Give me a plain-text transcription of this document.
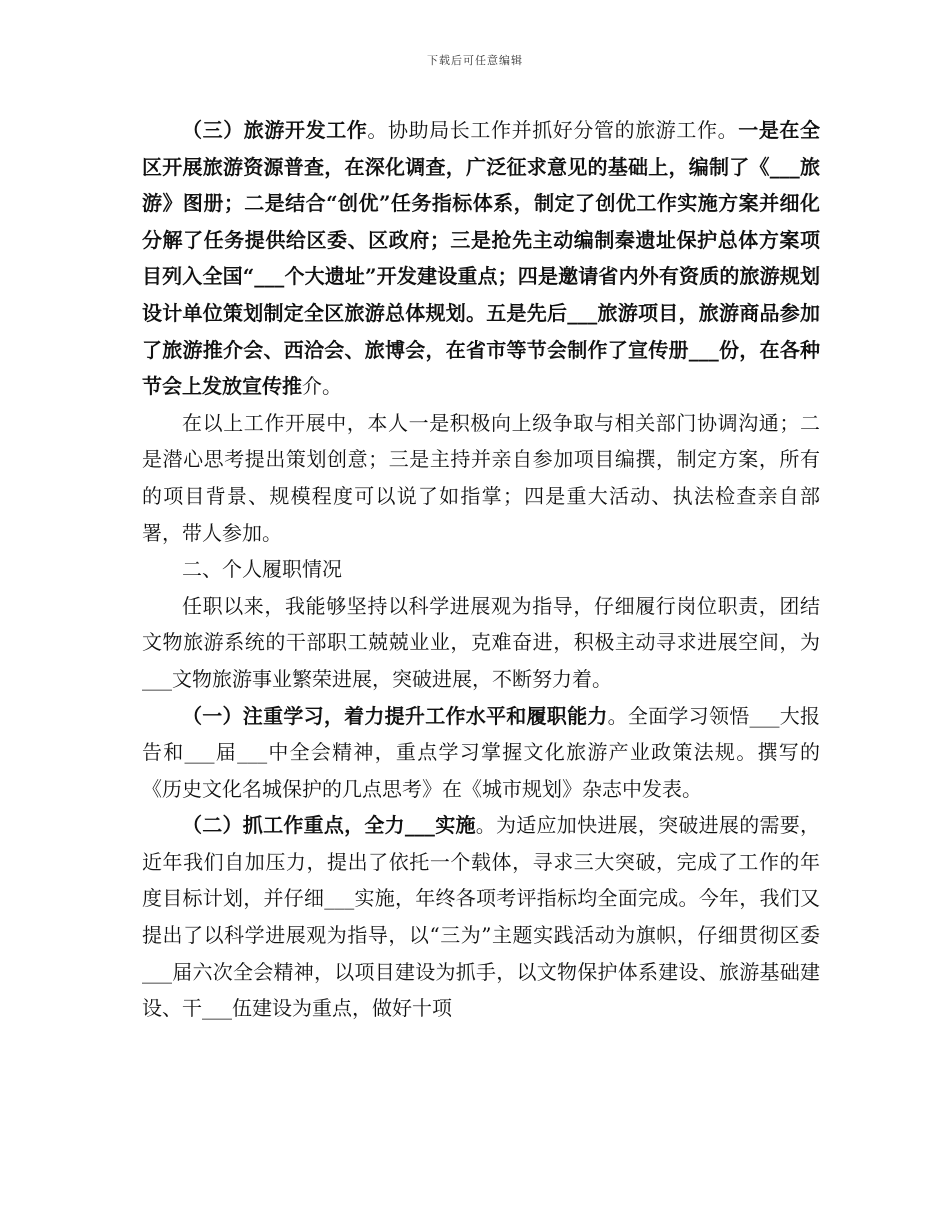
下载后可任意编辑

（三）旅游开发工作。协助局长工作并抓好分管的旅游工作。一是在全区开展旅游资源普查，在深化调查，广泛征求意见的基础上，编制了《___旅游》图册；二是结合“创优”任务指标体系，制定了创优工作实施方案并细化分解了任务提供给区委、区政府；三是抢先主动编制秦遗址保护总体方案项目列入全国“___个大遗址”开发建设重点；四是邀请省内外有资质的旅游规划设计单位策划制定全区旅游总体规划。五是先后___旅游项目，旅游商品参加了旅游推介会、西洽会、旅博会，在省市等节会制作了宣传册___份，在各种节会上发放宣传推介。

在以上工作开展中，本人一是积极向上级争取与相关部门协调沟通；二是潜心思考提出策划创意；三是主持并亲自参加项目编撰，制定方案，所有的项目背景、规模程度可以说了如指掌；四是重大活动、执法检查亲自部署，带人参加。

二、个人履职情况

任职以来，我能够坚持以科学进展观为指导，仔细履行岗位职责，团结文物旅游系统的干部职工兢兢业业，克难奋进，积极主动寻求进展空间，为___文物旅游事业繁荣进展，突破进展，不断努力着。

（一）注重学习，着力提升工作水平和履职能力。全面学习领悟___大报告和___届___中全会精神，重点学习掌握文化旅游产业政策法规。撰写的《历史文化名城保护的几点思考》在《城市规划》杂志中发表。

（二）抓工作重点，全力___实施。为适应加快进展，突破进展的需要，近年我们自加压力，提出了依托一个载体，寻求三大突破，完成了工作的年度目标计划，并仔细___实施，年终各项考评指标均全面完成。今年，我们又提出了以科学进展观为指导，以“三为”主题实践活动为旗帜，仔细贯彻区委___届六次全会精神，以项目建设为抓手，以文物保护体系建设、旅游基础建设、干___伍建设为重点，做好十项
